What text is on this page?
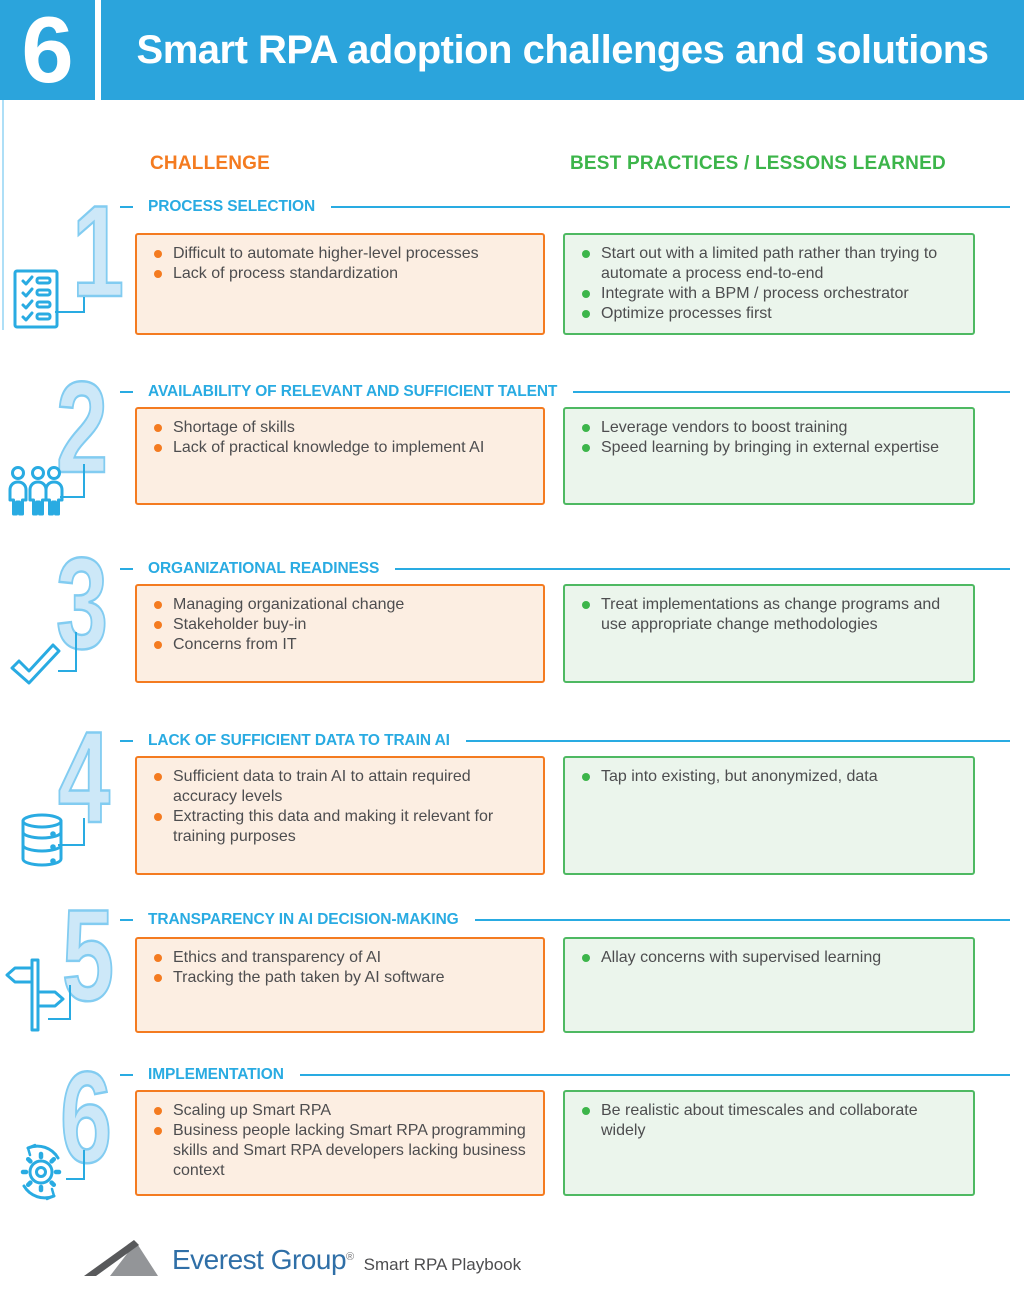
6	Smart RPA adoption challenges and solutions
CHALLENGE	BEST PRACTICES / LESSONS LEARNED
1
2
3
4
5
6
PROCESS SELECTION
Difficult to automate higher-level processes
Lack of process standardization
Start out with a limited path rather than trying to automate a process end-to-end
Integrate with a BPM / process orchestrator
Optimize processes first
AVAILABILITY OF RELEVANT AND SUFFICIENT TALENT
Shortage of skills
Lack of practical knowledge to implement AI
Leverage vendors to boost training
Speed learning by bringing in external expertise
ORGANIZATIONAL READINESS
Managing organizational change
Stakeholder buy-in
Concerns from IT
Treat implementations as change programs and use appropriate change methodologies
LACK OF SUFFICIENT DATA TO TRAIN AI
Sufficient data to train AI to attain required accuracy levels
Extracting this data and making it relevant for training purposes
Tap into existing, but anonymized, data
TRANSPARENCY IN AI DECISION-MAKING
Ethics and transparency of AI
Tracking the path taken by AI software
Allay concerns with supervised learning
IMPLEMENTATION
Scaling up Smart RPA
Business people lacking Smart RPA programming skills and Smart RPA developers lacking business context
Be realistic about timescales and collaborate widely
Everest Group® Smart RPA Playbook
